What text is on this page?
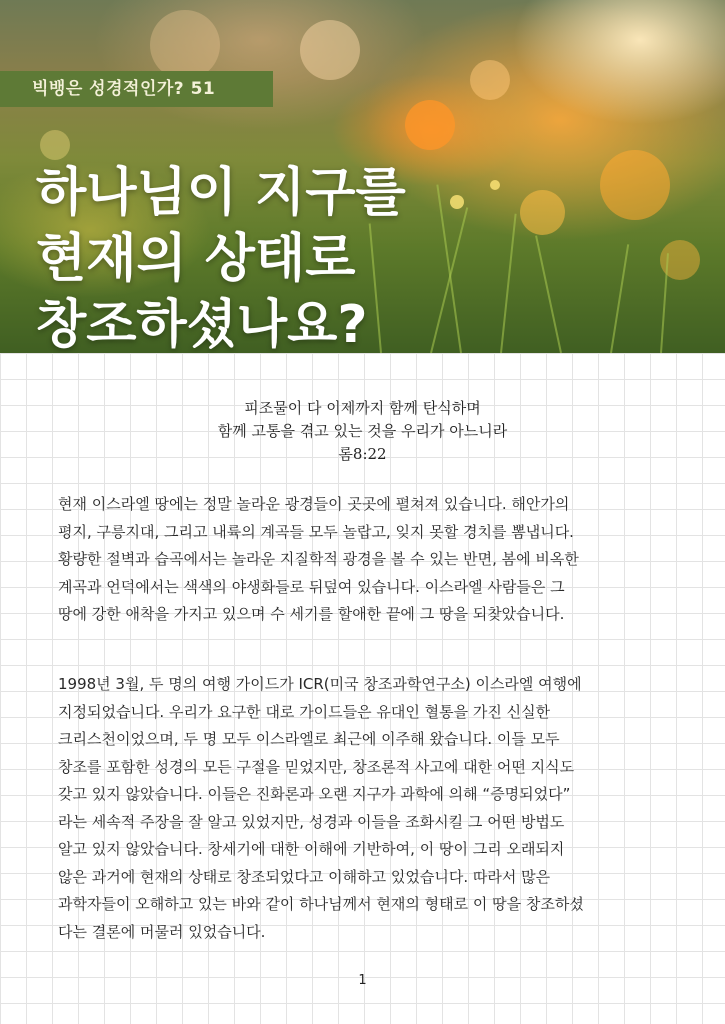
빅뱅은 성경적인가? 51
하나님이 지구를
현재의 상태로
창조하셨나요?
피조물이 다 이제까지 함께 탄식하며
함께 고통을 겪고 있는 것을 우리가 아느니라
롬8:22
현재 이스라엘 땅에는 정말 놀라운 광경들이 곳곳에 펼쳐져 있습니다. 해안가의
평지, 구릉지대, 그리고 내륙의 계곡들 모두 놀랍고, 잊지 못할 경치를 뽐냅니다.
황량한 절벽과 습곡에서는 놀라운 지질학적 광경을 볼 수 있는 반면, 봄에 비옥한
계곡과 언덕에서는 색색의 야생화들로 뒤덮여 있습니다. 이스라엘 사람들은 그
땅에 강한 애착을 가지고 있으며 수 세기를 할애한 끝에 그 땅을 되찾았습니다.
1998년 3월, 두 명의 여행 가이드가 ICR(미국 창조과학연구소) 이스라엘 여행에
지정되었습니다. 우리가 요구한 대로 가이드들은 유대인 혈통을 가진 신실한
크리스천이었으며, 두 명 모두 이스라엘로 최근에 이주해 왔습니다. 이들 모두
창조를 포함한 성경의 모든 구절을 믿었지만, 창조론적 사고에 대한 어떤 지식도
갖고 있지 않았습니다. 이들은 진화론과 오랜 지구가 과학에 의해 “증명되었다”
라는 세속적 주장을 잘 알고 있었지만, 성경과 이들을 조화시킬 그 어떤 방법도
알고 있지 않았습니다. 창세기에 대한 이해에 기반하여, 이 땅이 그리 오래되지
않은 과거에 현재의 상태로 창조되었다고 이해하고 있었습니다. 따라서 많은
과학자들이 오해하고 있는 바와 같이 하나님께서 현재의 형태로 이 땅을 창조하셨
다는 결론에 머물러 있었습니다.
1
